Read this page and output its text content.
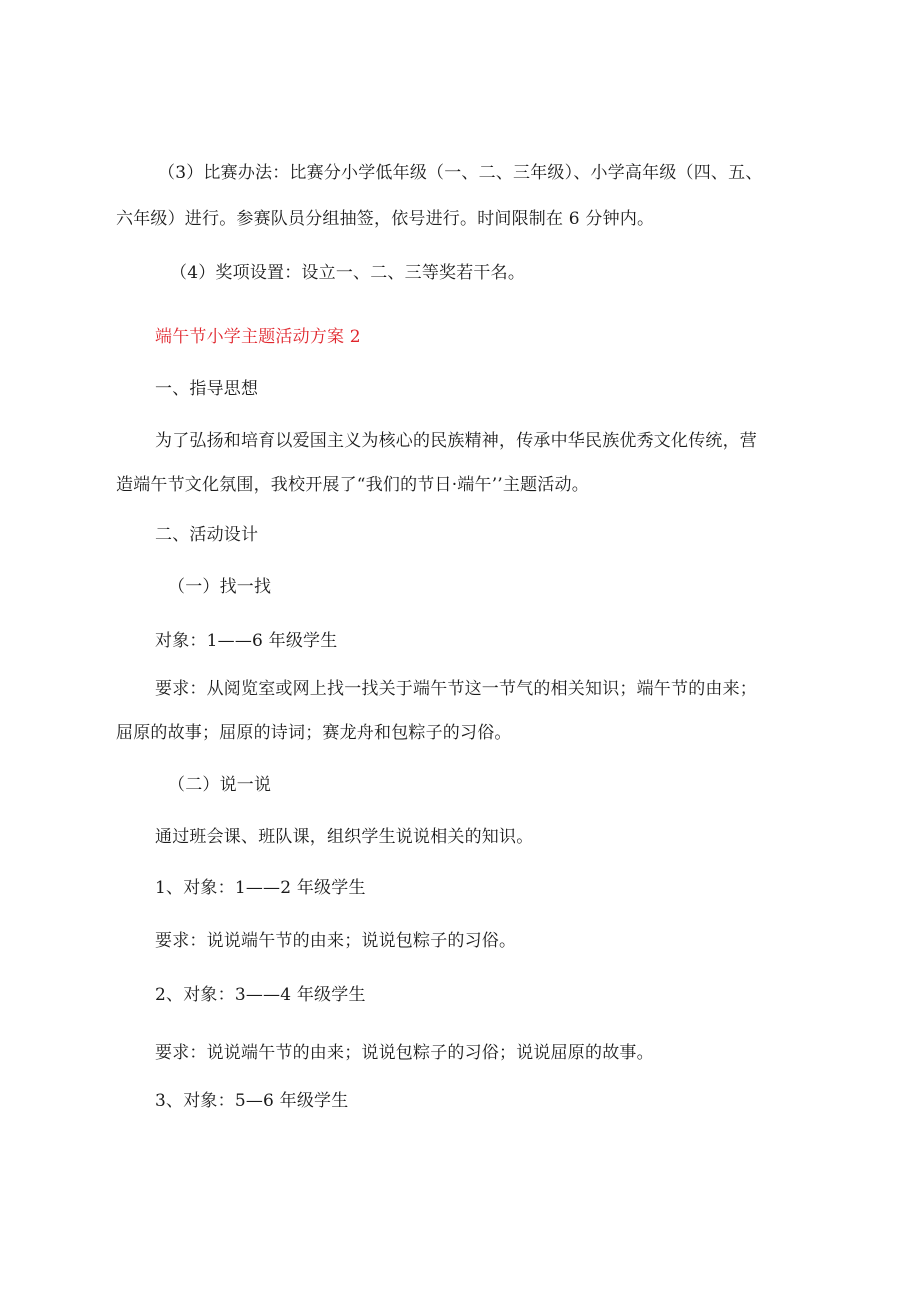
（3）比赛办法：比赛分小学低年级（一、二、三年级）、小学高年级（四、五、
六年级）进行。参赛队员分组抽签，依号进行。时间限制在 6 分钟内。
（4）奖项设置：设立一、二、三等奖若干名。
端午节小学主题活动方案 2
一、指导思想
为了弘扬和培育以爱国主义为核心的民族精神，传承中华民族优秀文化传统，营
造端午节文化氛围，我校开展了“我们的节日·端午’’主题活动。
二、活动设计
（一）找一找
对象：1——6 年级学生
要求：从阅览室或网上找一找关于端午节这一节气的相关知识；端午节的由来；
屈原的故事；屈原的诗词；赛龙舟和包粽子的习俗。
（二）说一说
通过班会课、班队课，组织学生说说相关的知识。
1、对象：1——2 年级学生
要求：说说端午节的由来；说说包粽子的习俗。
2、对象：3——4 年级学生
要求：说说端午节的由来；说说包粽子的习俗；说说屈原的故事。
3、对象：5—6 年级学生
